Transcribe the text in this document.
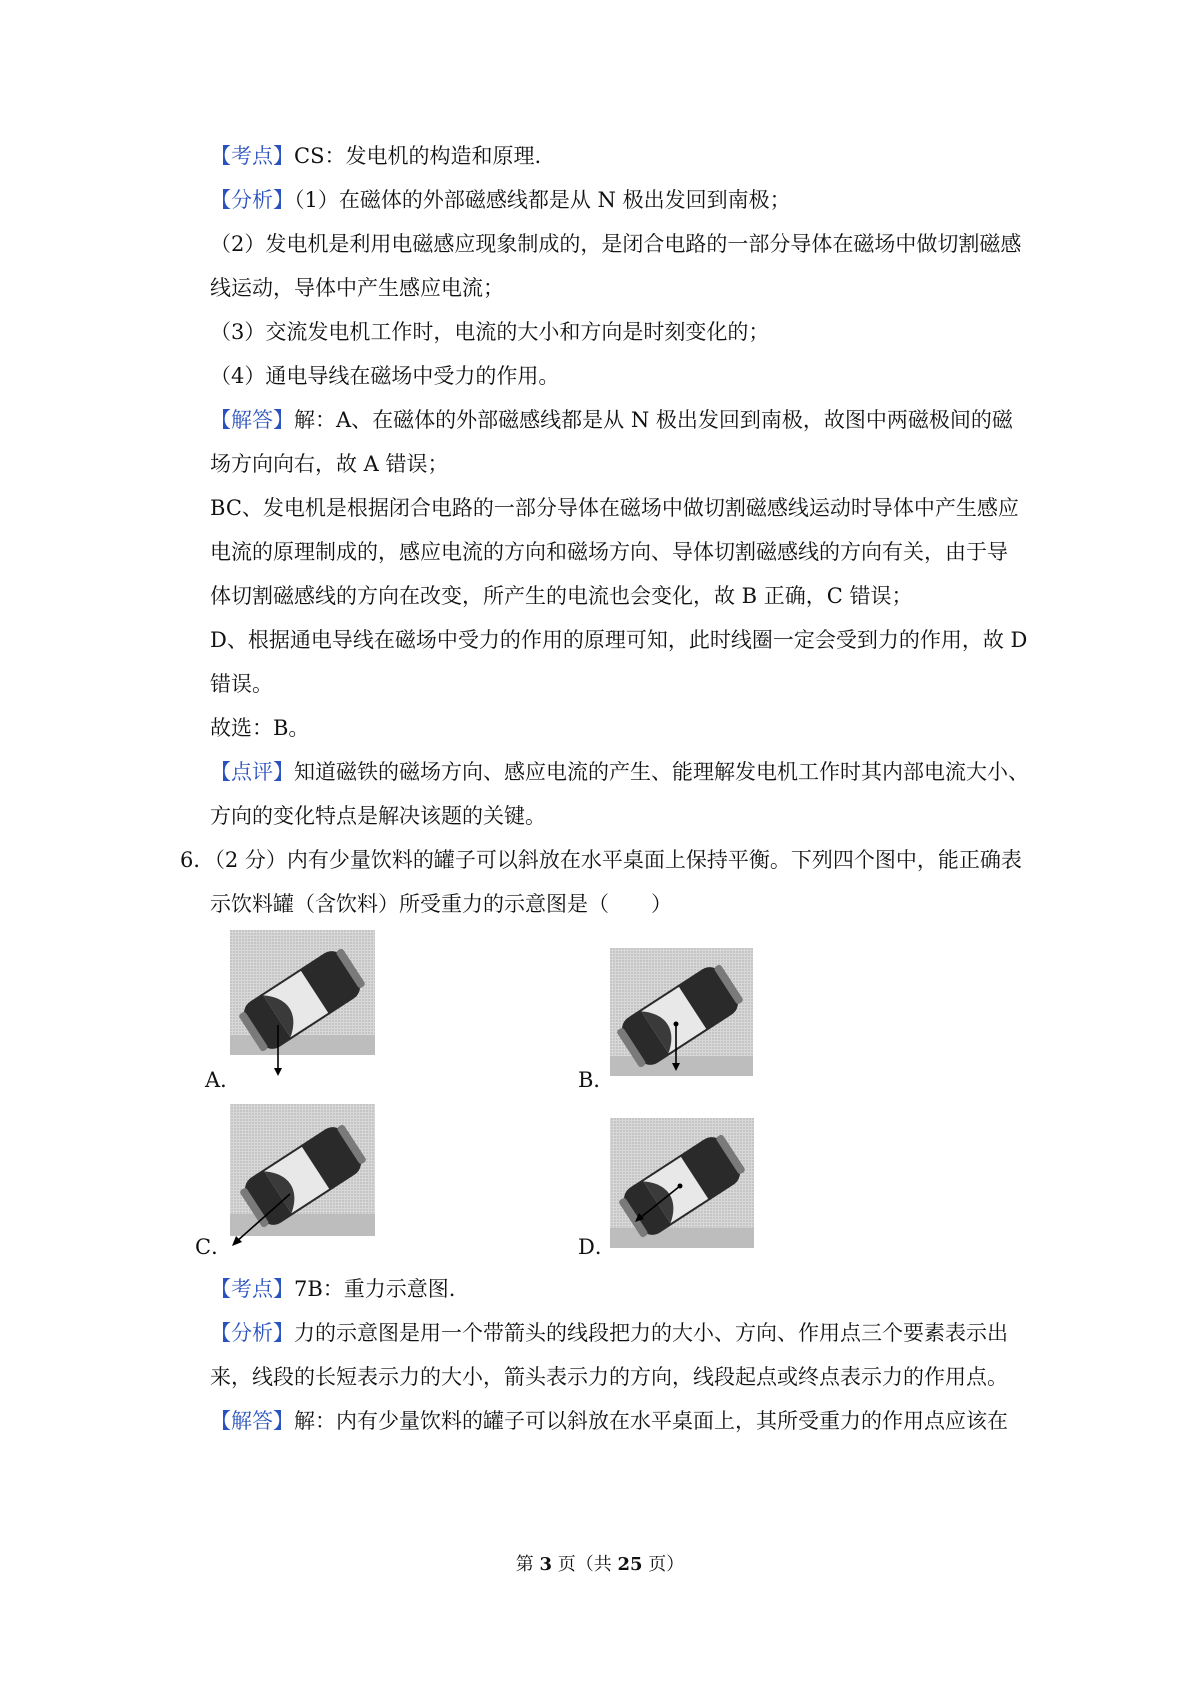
【考点】CS：发电机的构造和原理.
【分析】（1）在磁体的外部磁感线都是从 N 极出发回到南极；
（2）发电机是利用电磁感应现象制成的，是闭合电路的一部分导体在磁场中做切割磁感
线运动，导体中产生感应电流；
（3）交流发电机工作时，电流的大小和方向是时刻变化的；
（4）通电导线在磁场中受力的作用。
【解答】解：A、在磁体的外部磁感线都是从 N 极出发回到南极，故图中两磁极间的磁
场方向向右，故 A 错误；
BC、发电机是根据闭合电路的一部分导体在磁场中做切割磁感线运动时导体中产生感应
电流的原理制成的，感应电流的方向和磁场方向、导体切割磁感线的方向有关，由于导
体切割磁感线的方向在改变，所产生的电流也会变化，故 B 正确，C 错误；
D、根据通电导线在磁场中受力的作用的原理可知，此时线圈一定会受到力的作用，故 D
错误。
故选：B。
【点评】知道磁铁的磁场方向、感应电流的产生、能理解发电机工作时其内部电流大小、
方向的变化特点是解决该题的关键。
6．（2 分）内有少量饮料的罐子可以斜放在水平桌面上保持平衡。下列四个图中，能正确表
示饮料罐（含饮料）所受重力的示意图是（　　）
A．	B．
C．	D．
【考点】7B：重力示意图.
【分析】力的示意图是用一个带箭头的线段把力的大小、方向、作用点三个要素表示出
来，线段的长短表示力的大小，箭头表示力的方向，线段起点或终点表示力的作用点。
【解答】解：内有少量饮料的罐子可以斜放在水平桌面上，其所受重力的作用点应该在
第 3 页（共 25 页）
